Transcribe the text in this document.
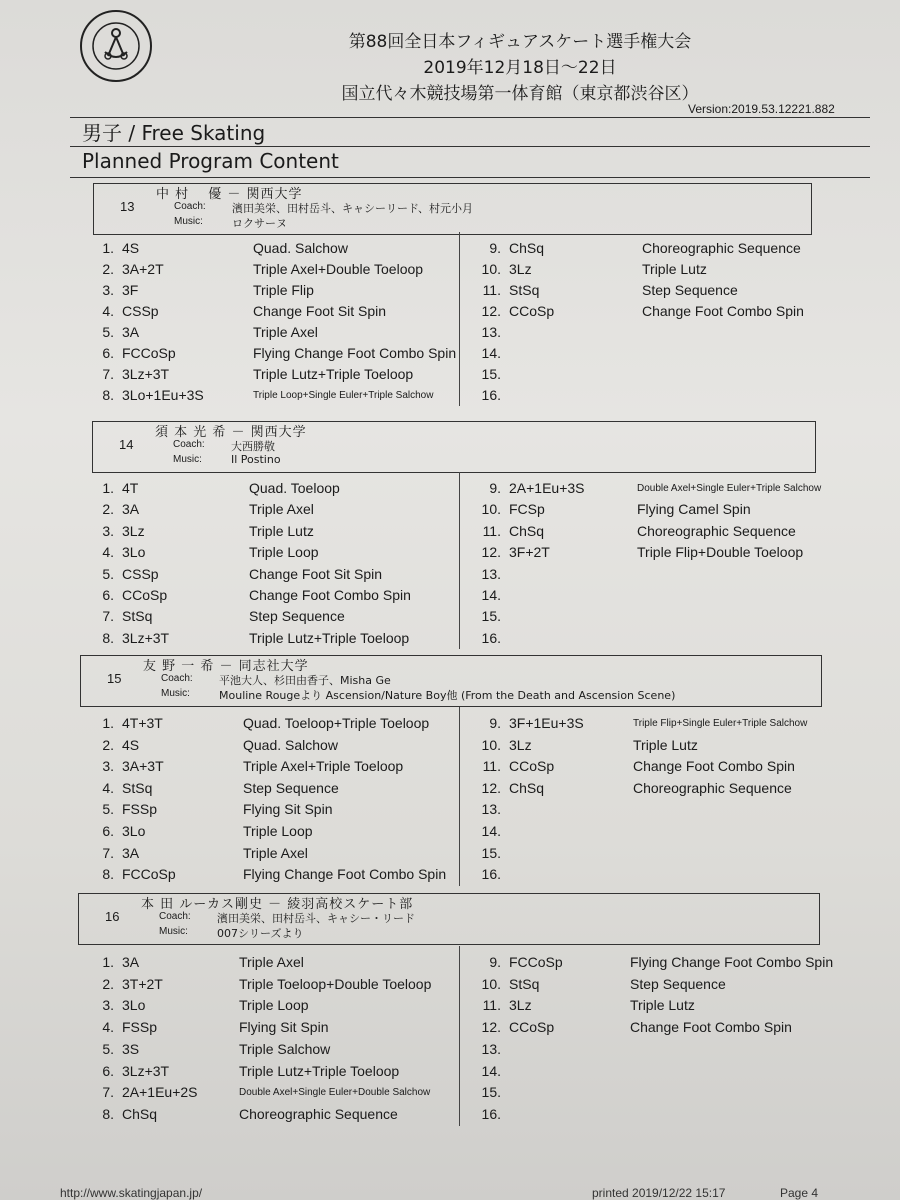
第88回全日本フィギュアスケート選手権大会
2019年12月18日～22日
国立代々木競技場第一体育館（東京都渋谷区）
Version:2019.53.12221.882
男子 / Free Skating
Planned Program Content
13
中 村　 優 － 関西大学
Coach:
Music:
濱田美栄、田村岳斗、キャシーリード、村元小月
ロクサーヌ
1. 4S	Quad. Salchow
2. 3A+2T	Triple Axel+Double Toeloop
3. 3F	Triple Flip
4. CSSp	Change Foot Sit Spin
5. 3A	Triple Axel
6. FCCoSp	Flying Change Foot Combo Spin
7. 3Lz+3T	Triple Lutz+Triple Toeloop
8. 3Lo+1Eu+3S	Triple Loop+Single Euler+Triple Salchow
9. ChSq	Choreographic Sequence
10. 3Lz	Triple Lutz
11. StSq	Step Sequence
12. CCoSp	Change Foot Combo Spin
13.
14.
15.
16.
14
須 本 光 希 － 関西大学
Coach:
Music:
大西勝敬
Il Postino
1. 4T	Quad. Toeloop
2. 3A	Triple Axel
3. 3Lz	Triple Lutz
4. 3Lo	Triple Loop
5. CSSp	Change Foot Sit Spin
6. CCoSp	Change Foot Combo Spin
7. StSq	Step Sequence
8. 3Lz+3T	Triple Lutz+Triple Toeloop
9. 2A+1Eu+3S	Double Axel+Single Euler+Triple Salchow
10. FCSp	Flying Camel Spin
11. ChSq	Choreographic Sequence
12. 3F+2T	Triple Flip+Double Toeloop
13.
14.
15.
16.
15
友 野 一 希 － 同志社大学
Coach:
Music:
平池大人、杉田由香子、Misha Ge
Mouline Rougeより Ascension/Nature Boy他 (From the Death and Ascension Scene)
1. 4T+3T	Quad. Toeloop+Triple Toeloop
2. 4S	Quad. Salchow
3. 3A+3T	Triple Axel+Triple Toeloop
4. StSq	Step Sequence
5. FSSp	Flying Sit Spin
6. 3Lo	Triple Loop
7. 3A	Triple Axel
8. FCCoSp	Flying Change Foot Combo Spin
9. 3F+1Eu+3S	Triple Flip+Single Euler+Triple Salchow
10. 3Lz	Triple Lutz
11. CCoSp	Change Foot Combo Spin
12. ChSq	Choreographic Sequence
13.
14.
15.
16.
16
本 田 ルーカス剛史 － 綾羽高校スケート部
Coach:
Music:
濱田美栄、田村岳斗、キャシー・リード
007シリーズより
1. 3A	Triple Axel
2. 3T+2T	Triple Toeloop+Double Toeloop
3. 3Lo	Triple Loop
4. FSSp	Flying Sit Spin
5. 3S	Triple Salchow
6. 3Lz+3T	Triple Lutz+Triple Toeloop
7. 2A+1Eu+2S	Double Axel+Single Euler+Double Salchow
8. ChSq	Choreographic Sequence
9. FCCoSp	Flying Change Foot Combo Spin
10. StSq	Step Sequence
11. 3Lz	Triple Lutz
12. CCoSp	Change Foot Combo Spin
13.
14.
15.
16.
http://www.skatingjapan.jp/	printed 2019/12/22 15:17	Page 4
